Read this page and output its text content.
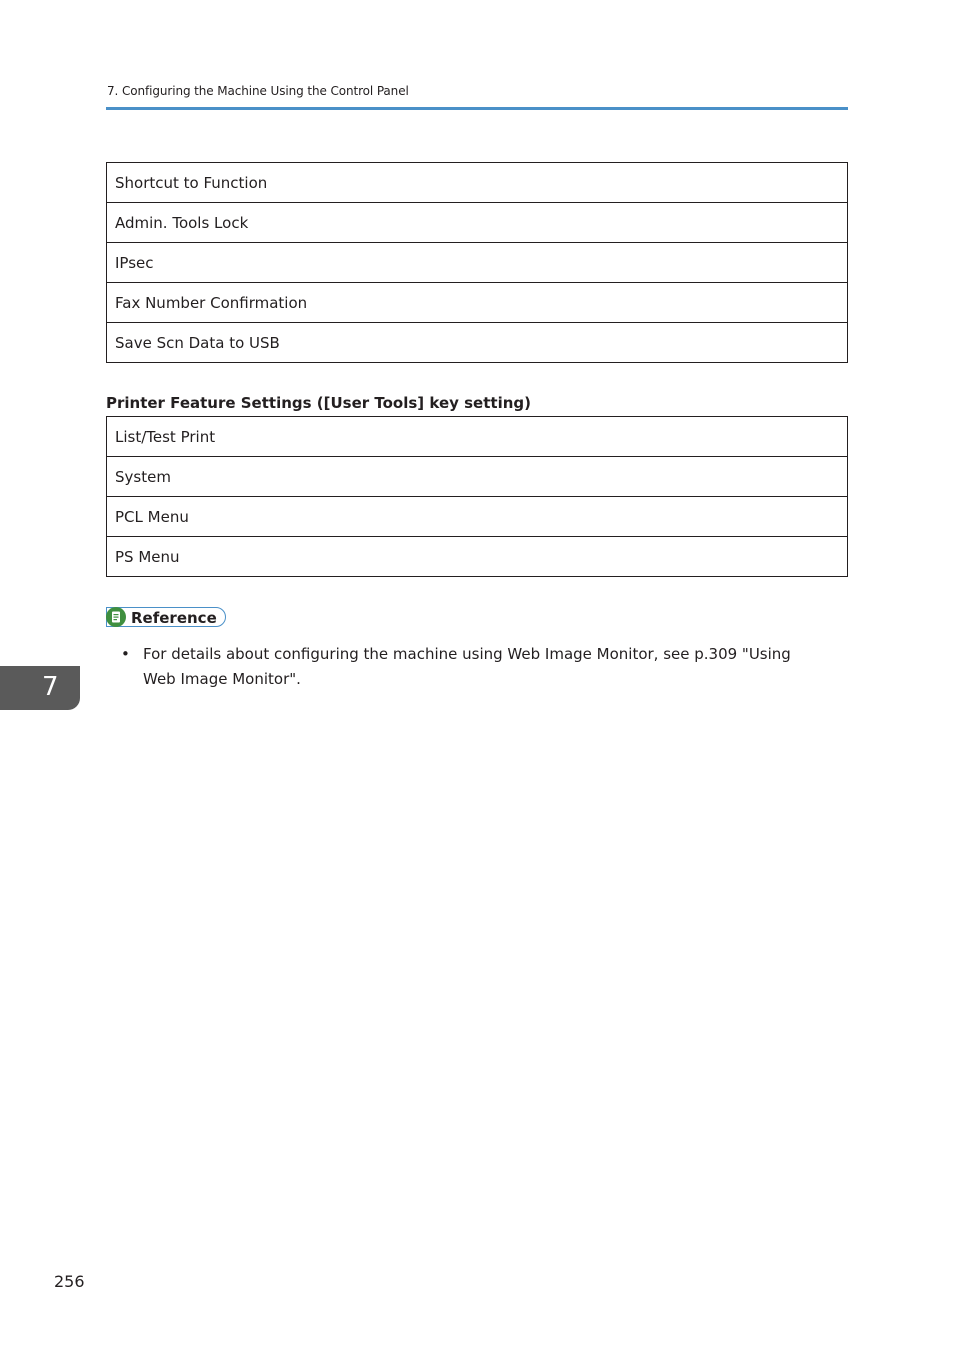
7. Configuring the Machine Using the Control Panel
Shortcut to Function
Admin. Tools Lock
IPsec
Fax Number Confirmation
Save Scn Data to USB
Printer Feature Settings ([User Tools] key setting)
List/Test Print
System
PCL Menu
PS Menu
Reference
• For details about configuring the machine using Web Image Monitor, see p.309 "Using Web Image Monitor".
7
256
